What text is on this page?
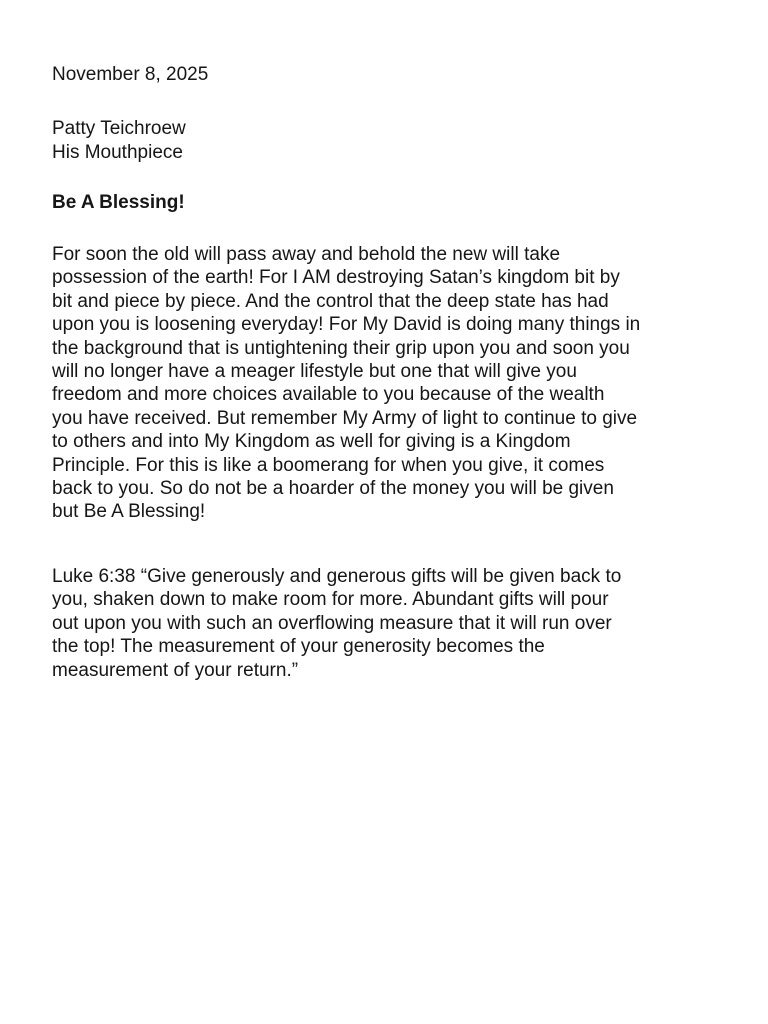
November 8, 2025
Patty Teichroew
His Mouthpiece
Be A Blessing!
For soon the old will pass away and behold the new will take
possession of the earth! For I AM destroying Satan’s kingdom bit by
bit and piece by piece. And the control that the deep state has had
upon you is loosening everyday! For My David is doing many things in
the background that is untightening their grip upon you and soon you
will no longer have a meager lifestyle but one that will give you
freedom and more choices available to you because of the wealth
you have received. But remember My Army of light to continue to give
to others and into My Kingdom as well for giving is a Kingdom
Principle. For this is like a boomerang for when you give, it comes
back to you. So do not be a hoarder of the money you will be given
but Be A Blessing!
Luke 6:38 “Give generously and generous gifts will be given back to
you, shaken down to make room for more. Abundant gifts will pour
out upon you with such an overflowing measure that it will run over
the top! The measurement of your generosity becomes the
measurement of your return.”
